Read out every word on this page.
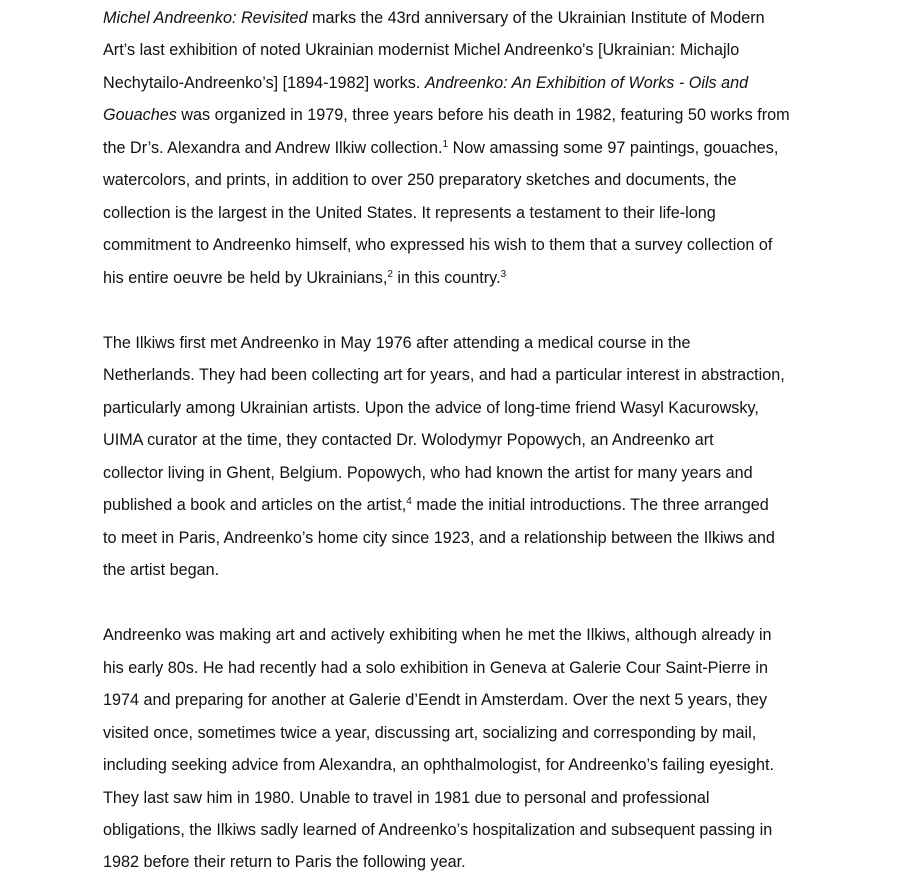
Michel Andreenko: Revisited marks the 43rd anniversary of the Ukrainian Institute of Modern
Art’s last exhibition of noted Ukrainian modernist Michel Andreenko's [Ukrainian: Michajlo
Nechytailo-Andreenko’s] [1894-1982] works. Andreenko: An Exhibition of Works - Oils and
Gouaches was organized in 1979, three years before his death in 1982, featuring 50 works from
the Dr’s. Alexandra and Andrew Ilkiw collection.$^1$ Now amassing some 97 paintings, gouaches,
watercolors, and prints, in addition to over 250 preparatory sketches and documents, the
collection is the largest in the United States. It represents a testament to their life-long
commitment to Andreenko himself, who expressed his wish to them that a survey collection of
his entire oeuvre be held by Ukrainians,$^2$ in this country.$^3$
The Ilkiws first met Andreenko in May 1976 after attending a medical course in the
Netherlands. They had been collecting art for years, and had a particular interest in abstraction,
particularly among Ukrainian artists. Upon the advice of long-time friend Wasyl Kacurowsky,
UIMA curator at the time, they contacted Dr. Wolodymyr Popowych, an Andreenko art
collector living in Ghent, Belgium. Popowych, who had known the artist for many years and
published a book and articles on the artist,$^4$ made the initial introductions. The three arranged
to meet in Paris, Andreenko’s home city since 1923, and a relationship between the Ilkiws and
the artist began.
Andreenko was making art and actively exhibiting when he met the Ilkiws, although already in
his early 80s. He had recently had a solo exhibition in Geneva at Galerie Cour Saint-Pierre in
1974 and preparing for another at Galerie d’Eendt in Amsterdam. Over the next 5 years, they
visited once, sometimes twice a year, discussing art, socializing and corresponding by mail,
including seeking advice from Alexandra, an ophthalmologist, for Andreenko’s failing eyesight.
They last saw him in 1980. Unable to travel in 1981 due to personal and professional
obligations, the Ilkiws sadly learned of Andreenko’s hospitalization and subsequent passing in
1982 before their return to Paris the following year.
